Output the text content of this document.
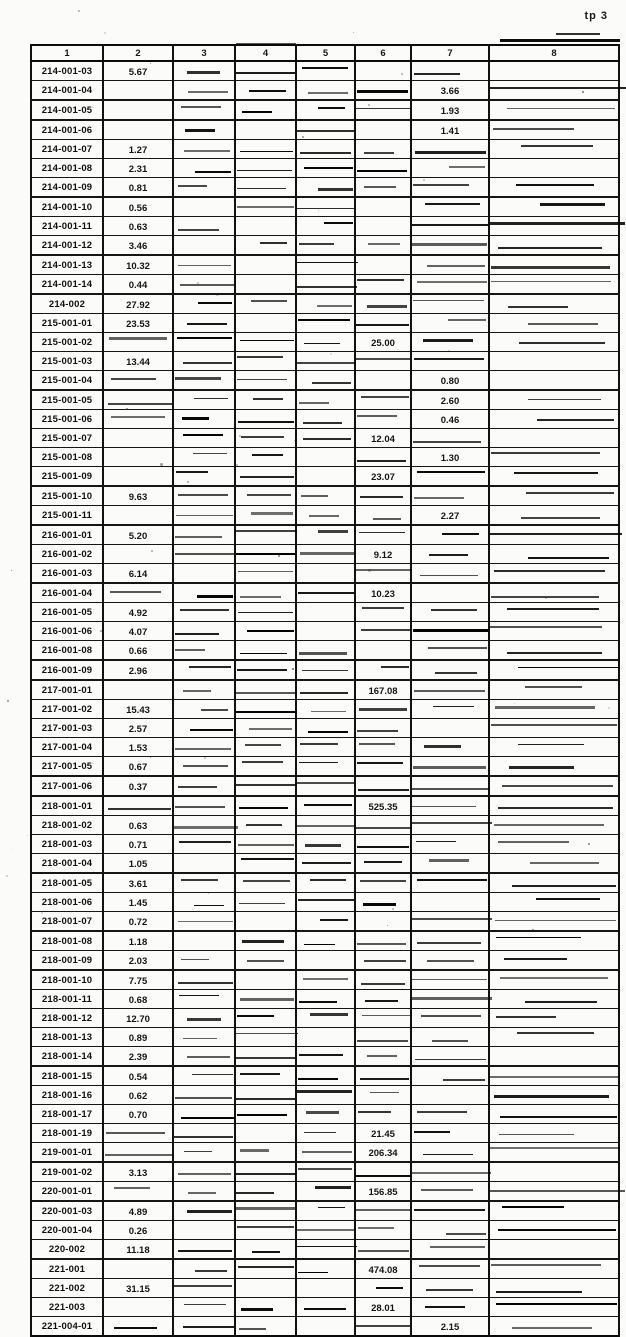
tp 3
1	2	3	4	5	6	7	8
214-001-03	5.67	

214-001-04						3.66	

214-001-05						1.93	

214-001-06						1.41	

214-001-07	1.27	

214-001-08	2.31	

214-001-09	0.81	

214-001-10	0.56		

214-001-11	0.63	

214-001-12	3.46		

214-001-13	10.32	

214-001-14	0.44	

214-002	27.92	

215-001-01	23.53	

215-001-02					25.00	

215-001-03	13.44	

215-001-04						0.80	
215-001-05						2.60	

215-001-06						0.46	

215-001-07					12.04	

215-001-08						1.30	

215-001-09					23.07	

215-001-10	9.63	

215-001-11						2.27	

216-001-01	5.20	

216-001-02					9.12	

216-001-03	6.14		

216-001-04					10.23		

216-001-05	4.92	

216-001-06	4.07	

216-001-08	0.66	

216-001-09	2.96	

217-001-01					167.08	

217-001-02	15.43	

217-001-03	2.57	

217-001-04	1.53	

217-001-05	0.67	

217-001-06	0.37	

218-001-01					525.35	

218-001-02	0.63	

218-001-03	0.71	

218-001-04	1.05		

218-001-05	3.61	

218-001-06	1.45	

218-001-07	0.72	

218-001-08	1.18		

218-001-09	2.03	

218-001-10	7.75	

218-001-11	0.68	

218-001-12	12.70	

218-001-13	0.89	

218-001-14	2.39	

218-001-15	0.54	

218-001-16	0.62	

218-001-17	0.70	

218-001-19					21.45	

219-001-01					206.34	

219-001-02	3.13	

220-001-01					156.85	

220-001-03	4.89	

220-001-04	0.26		

220-002	11.18	

221-001					474.08	

221-002	31.15	

221-003					28.01	

221-004-01						2.15	
